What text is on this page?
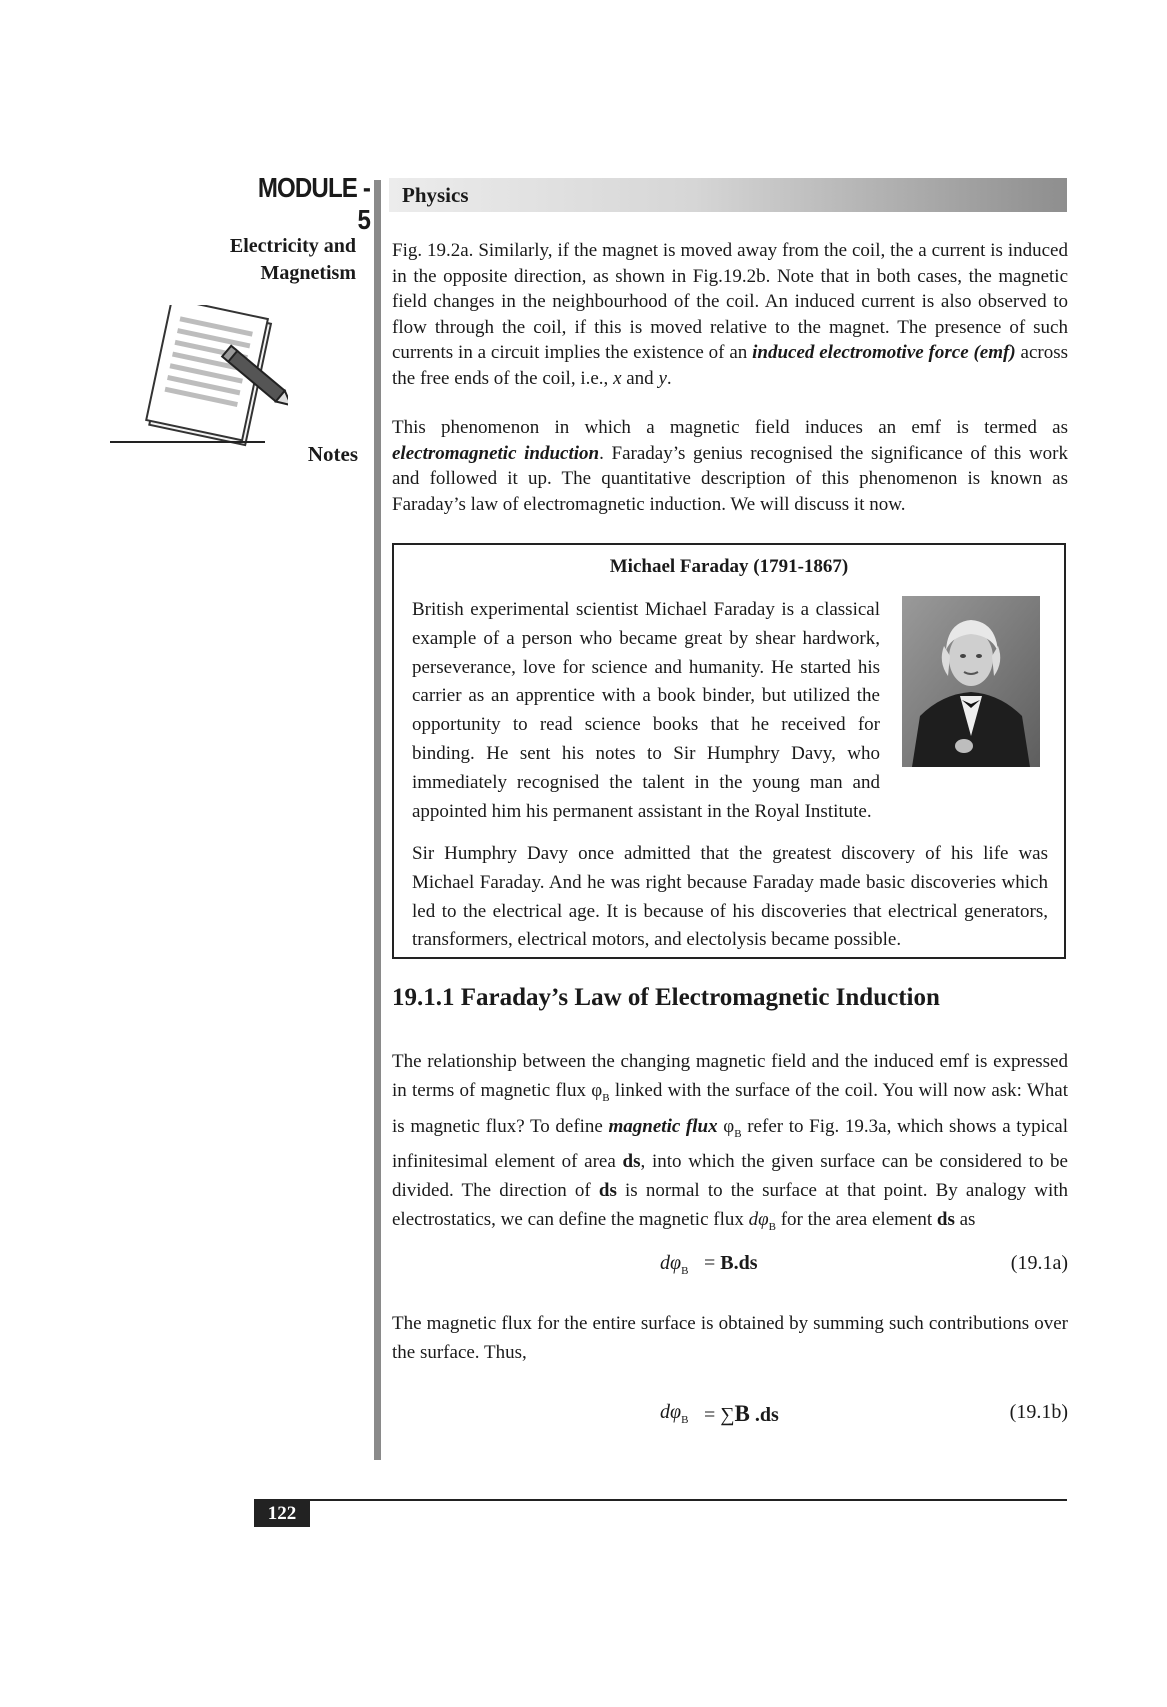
MODULE - 5
Electricity and
Magnetism
Notes
Physics
Fig. 19.2a. Similarly, if the magnet is moved away from the coil, the a current is induced in the opposite direction, as shown in Fig.19.2b. Note that in both cases, the magnetic field changes in the neighbourhood of the coil. An induced current is also observed to flow through the coil, if this is moved relative to the magnet. The presence of such currents in a circuit implies the existence of an induced electromotive force (emf) across the free ends of the coil, i.e., x and y.
This phenomenon in which a magnetic field induces an emf is termed as electromagnetic induction. Faraday’s genius recognised the significance of this work and followed it up. The quantitative description of this phenomenon is known as Faraday’s law of electromagnetic induction. We will discuss it now.
Michael Faraday (1791-1867)
British experimental scientist Michael Faraday is a classical example of a person who became great by shear hardwork, perseverance, love for science and humanity. He started his carrier as an apprentice with a book binder, but utilized the opportunity to read science books that he received for binding. He sent his notes to Sir Humphry Davy, who immediately recognised the talent in the young man and appointed him his permanent assistant in the Royal Institute.
Sir Humphry Davy once admitted that the greatest discovery of his life was Michael Faraday. And he was right because Faraday made basic discoveries which led to the electrical age. It is because of his discoveries that electrical generators, transformers, electrical motors, and electolysis became possible.
19.1.1 Faraday’s Law of Electromagnetic Induction
The relationship between the changing magnetic field and the induced emf is expressed in terms of magnetic flux $\varphi_B$ linked with the surface of the coil. You will now ask: What is magnetic flux? To define magnetic flux $\varphi_B$ refer to Fig. 19.3a, which shows a typical infinitesimal element of area ds, into which the given surface can be considered to be divided. The direction of ds is normal to the surface at that point. By analogy with electrostatics, we can define the magnetic flux $d\varphi_B$ for the area element ds as
$d\varphi_B = B.ds$	(19.1a)
The magnetic flux for the entire surface is obtained by summing such contributions over the surface. Thus,
$d\varphi_B = \sum B$ .ds	(19.1b)
122
